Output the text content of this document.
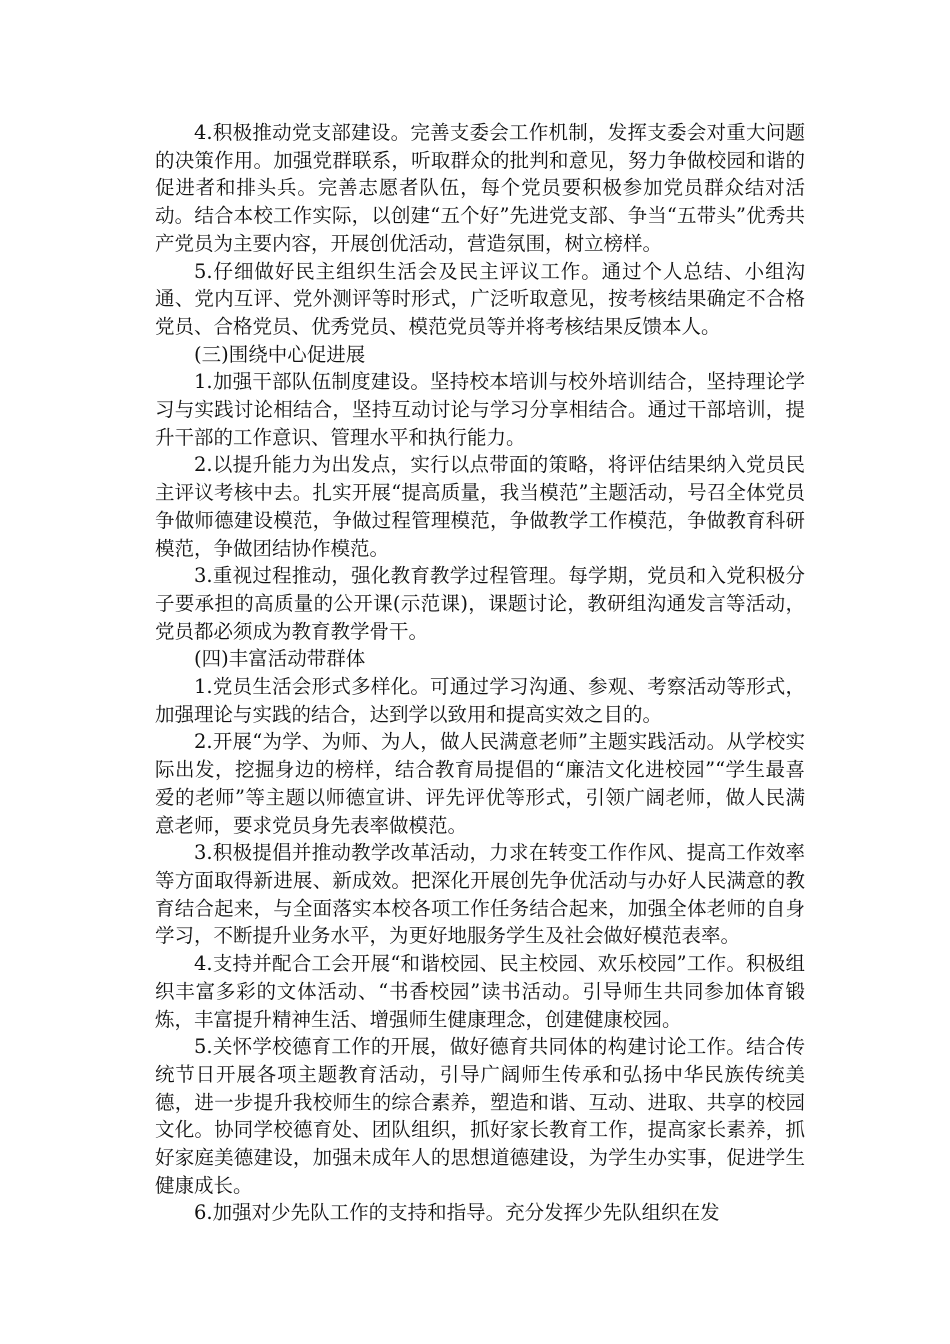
4.积极推动党支部建设。完善支委会工作机制，发挥支委会对重大问题的决策作用。加强党群联系，听取群众的批判和意见，努力争做校园和谐的促进者和排头兵。完善志愿者队伍，每个党员要积极参加党员群众结对活动。结合本校工作实际，以创建“五个好”先进党支部、争当“五带头”优秀共产党员为主要内容，开展创优活动，营造氛围，树立榜样。

5.仔细做好民主组织生活会及民主评议工作。通过个人总结、小组沟通、党内互评、党外测评等时形式，广泛听取意见，按考核结果确定不合格党员、合格党员、优秀党员、模范党员等并将考核结果反馈本人。

(三)围绕中心促进展

1.加强干部队伍制度建设。坚持校本培训与校外培训结合，坚持理论学习与实践讨论相结合，坚持互动讨论与学习分享相结合。通过干部培训，提升干部的工作意识、管理水平和执行能力。

2.以提升能力为出发点，实行以点带面的策略，将评估结果纳入党员民主评议考核中去。扎实开展“提高质量，我当模范”主题活动，号召全体党员争做师德建设模范，争做过程管理模范，争做教学工作模范，争做教育科研模范，争做团结协作模范。

3.重视过程推动，强化教育教学过程管理。每学期，党员和入党积极分子要承担的高质量的公开课(示范课)，课题讨论，教研组沟通发言等活动，党员都必须成为教育教学骨干。

(四)丰富活动带群体

1.党员生活会形式多样化。可通过学习沟通、参观、考察活动等形式，加强理论与实践的结合，达到学以致用和提高实效之目的。

2.开展“为学、为师、为人，做人民满意老师”主题实践活动。从学校实际出发，挖掘身边的榜样，结合教育局提倡的“廉洁文化进校园”“学生最喜爱的老师”等主题以师德宣讲、评先评优等形式，引领广阔老师，做人民满意老师，要求党员身先表率做模范。

3.积极提倡并推动教学改革活动，力求在转变工作作风、提高工作效率等方面取得新进展、新成效。把深化开展创先争优活动与办好人民满意的教育结合起来，与全面落实本校各项工作任务结合起来，加强全体老师的自身学习，不断提升业务水平，为更好地服务学生及社会做好模范表率。

4.支持并配合工会开展“和谐校园、民主校园、欢乐校园”工作。积极组织丰富多彩的文体活动、“书香校园”读书活动。引导师生共同参加体育锻炼，丰富提升精神生活、增强师生健康理念，创建健康校园。

5.关怀学校德育工作的开展，做好德育共同体的构建讨论工作。结合传统节日开展各项主题教育活动，引导广阔师生传承和弘扬中华民族传统美德，进一步提升我校师生的综合素养，塑造和谐、互动、进取、共享的校园文化。协同学校德育处、团队组织，抓好家长教育工作，提高家长素养，抓好家庭美德建设，加强未成年人的思想道德建设，为学生办实事，促进学生健康成长。

6.加强对少先队工作的支持和指导。充分发挥少先队组织在发
